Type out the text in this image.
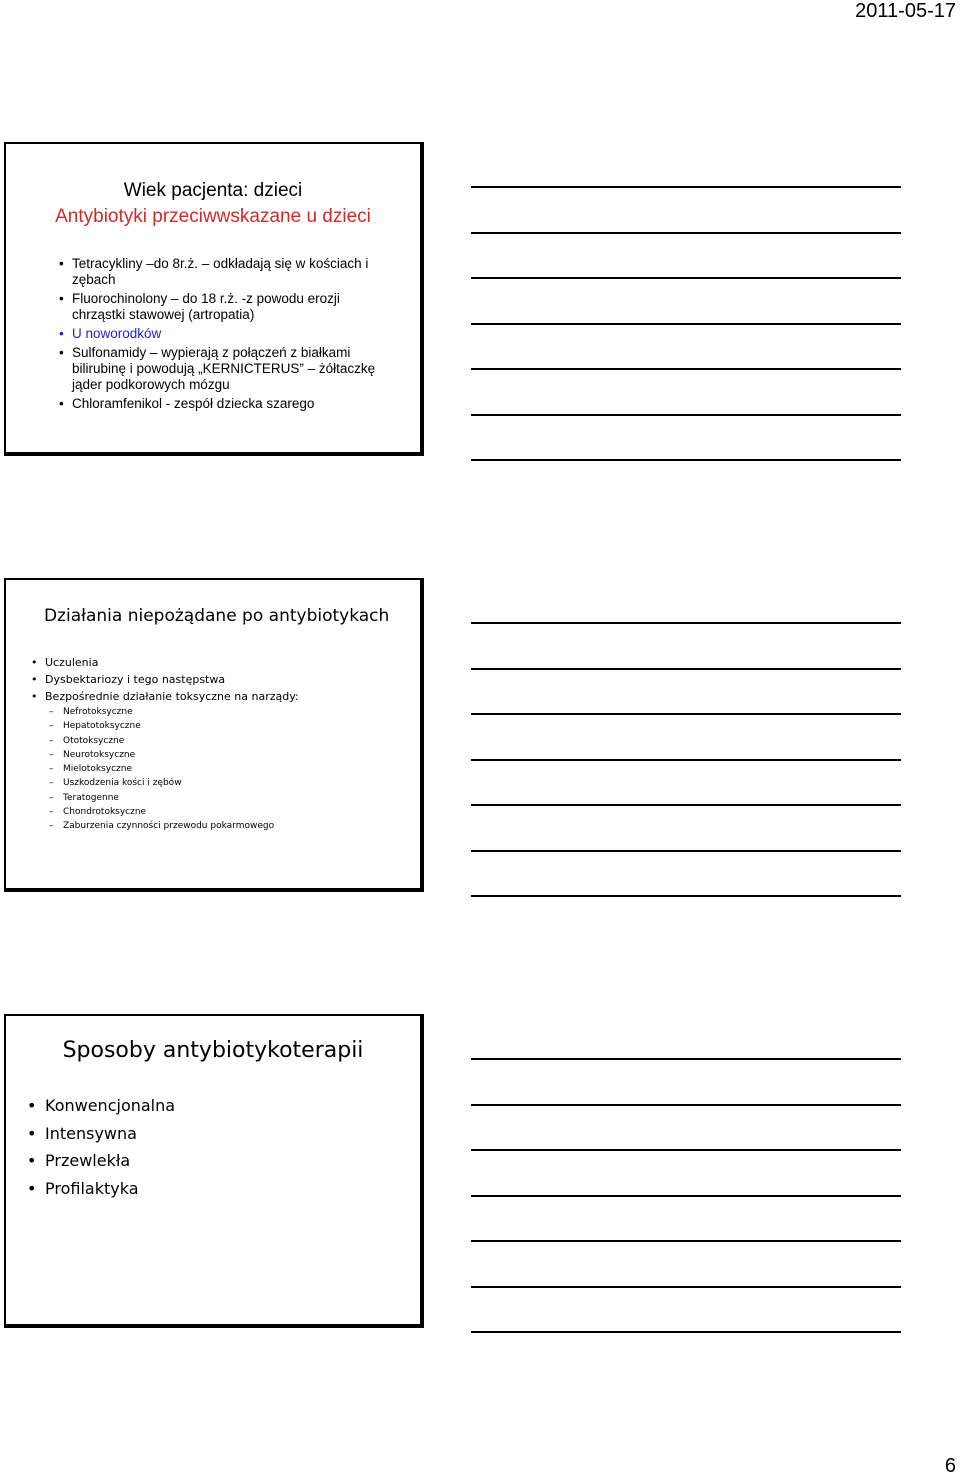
2011-05-17
Wiek pacjenta: dzieci
Antybiotyki przeciwwskazane u dzieci
• Tetracykliny –do 8r.ż. – odkładają się w kościach i zębach
• Fluorochinolony – do 18 r.ż. -z powodu erozji chrząstki stawowej (artropatia)
• U noworodków
• Sulfonamidy – wypierają z połączeń z białkami bilirubinę i powodują „KERNICTERUS” – żółtaczkę jąder podkorowych mózgu
• Chloramfenikol - zespół dziecka szarego
Działania niepożądane po antybiotykach
• Uczulenia
• Dysbektariozy i tego następstwa
• Bezpośrednie działanie toksyczne na narządy:
– Nefrotoksyczne
– Hepatotoksyczne
– Ototoksyczne
– Neurotoksyczne
– Mielotoksyczne
– Uszkodzenia kości i zębów
– Teratogenne
– Chondrotoksyczne
– Zaburzenia czynności przewodu pokarmowego
Sposoby antybiotykoterapii
• Konwencjonalna
• Intensywna
• Przewlekła
• Profilaktyka
6
